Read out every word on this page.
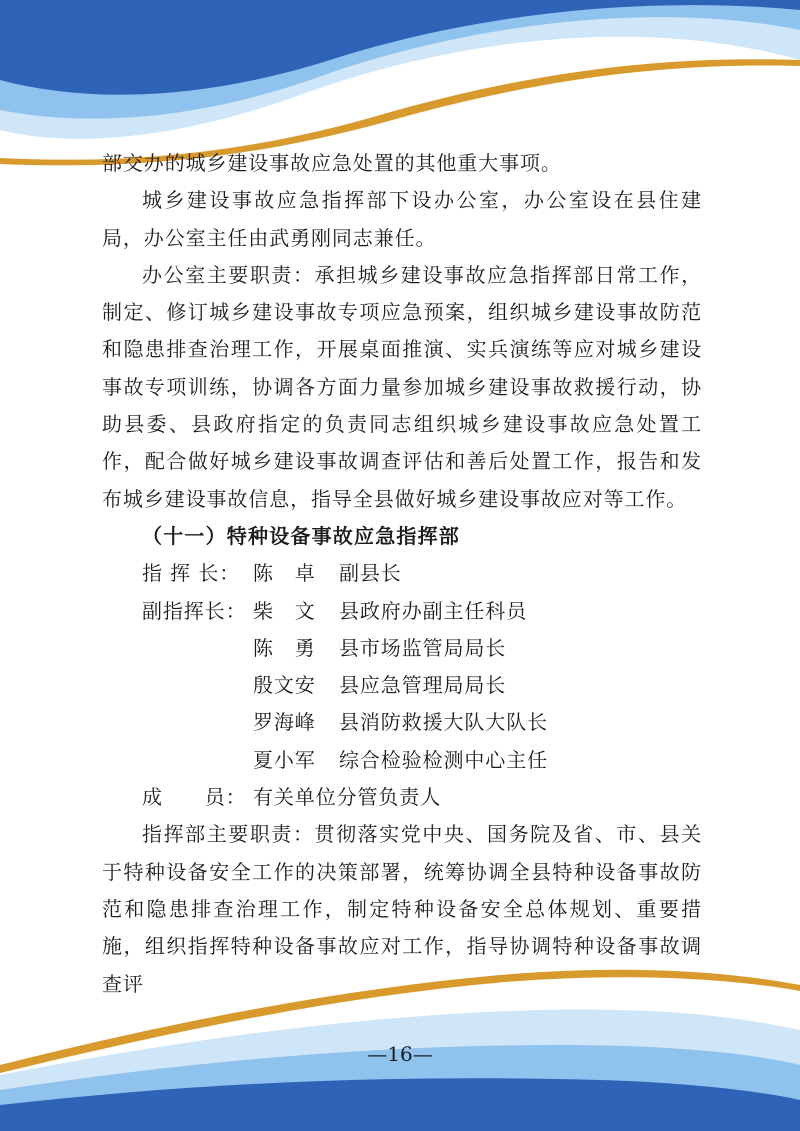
部交办的城乡建设事故应急处置的其他重大事项。

城乡建设事故应急指挥部下设办公室，办公室设在县住建局，办公室主任由武勇刚同志兼任。

办公室主要职责：承担城乡建设事故应急指挥部日常工作，制定、修订城乡建设事故专项应急预案，组织城乡建设事故防范和隐患排查治理工作，开展桌面推演、实兵演练等应对城乡建设事故专项训练，协调各方面力量参加城乡建设事故救援行动，协助县委、县政府指定的负责同志组织城乡建设事故应急处置工作，配合做好城乡建设事故调查评估和善后处置工作，报告和发布城乡建设事故信息，指导全县做好城乡建设事故应对等工作。

（十一）特种设备事故应急指挥部

指 挥 长： 陈　卓	副县长
副指挥长： 柴　文	县政府办副主任科员
陈　勇	县市场监管局局长
殷文安	县应急管理局局长
罗海峰	县消防救援大队大队长
夏小军	综合检验检测中心主任
成　　员： 有关单位分管负责人

指挥部主要职责：贯彻落实党中央、国务院及省、市、县关于特种设备安全工作的决策部署，统筹协调全县特种设备事故防范和隐患排查治理工作，制定特种设备安全总体规划、重要措施，组织指挥特种设备事故应对工作，指导协调特种设备事故调查评

—16—
